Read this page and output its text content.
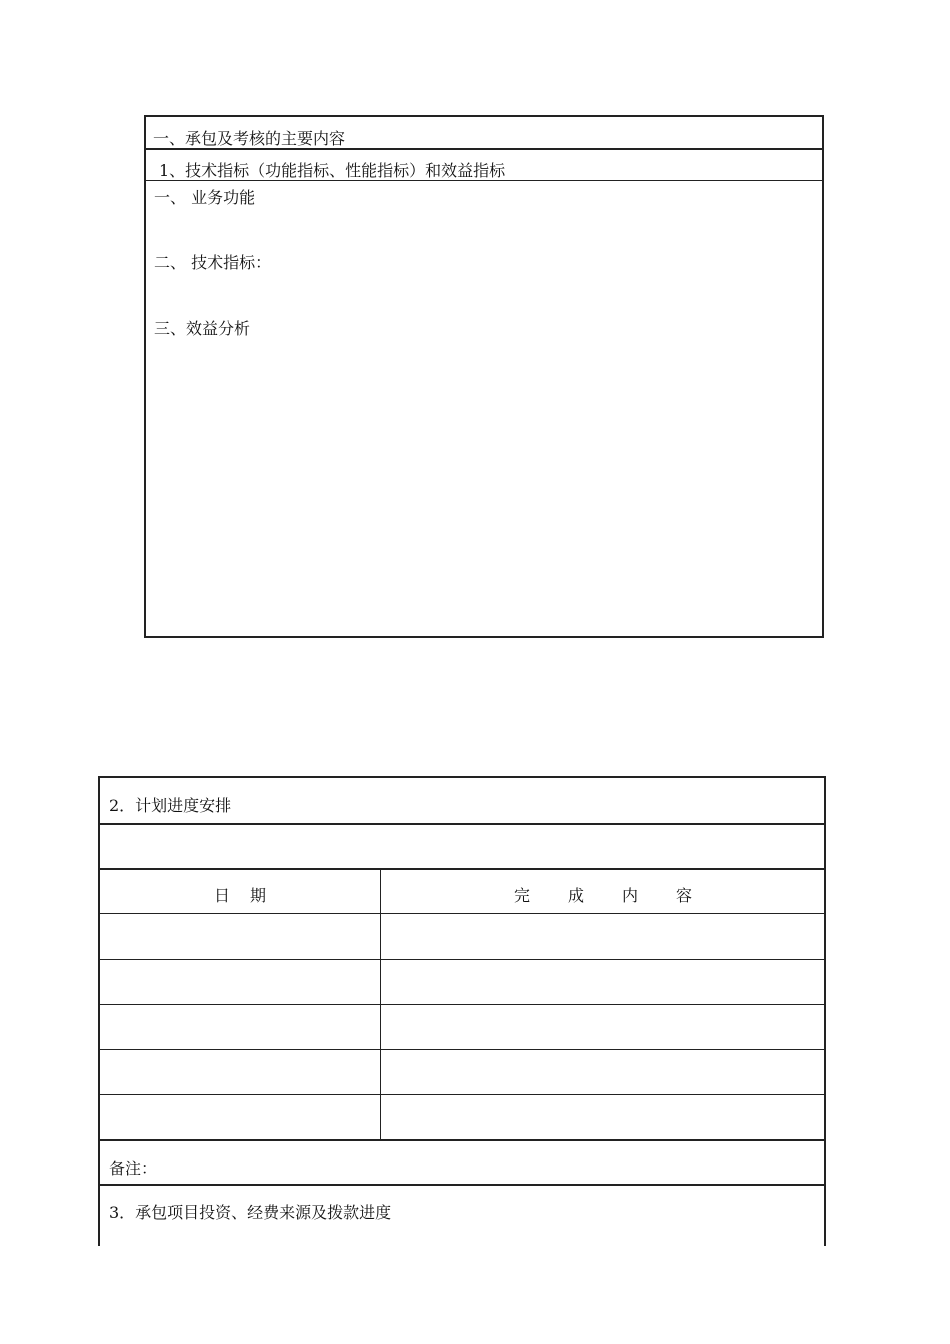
一、承包及考核的主要内容
1、技术指标（功能指标、性能指标）和效益指标
一、 业务功能
二、 技术指标：
三、效益分析
2．计划进度安排
日期	完成内容
备注：
3．承包项目投资、经费来源及拨款进度
